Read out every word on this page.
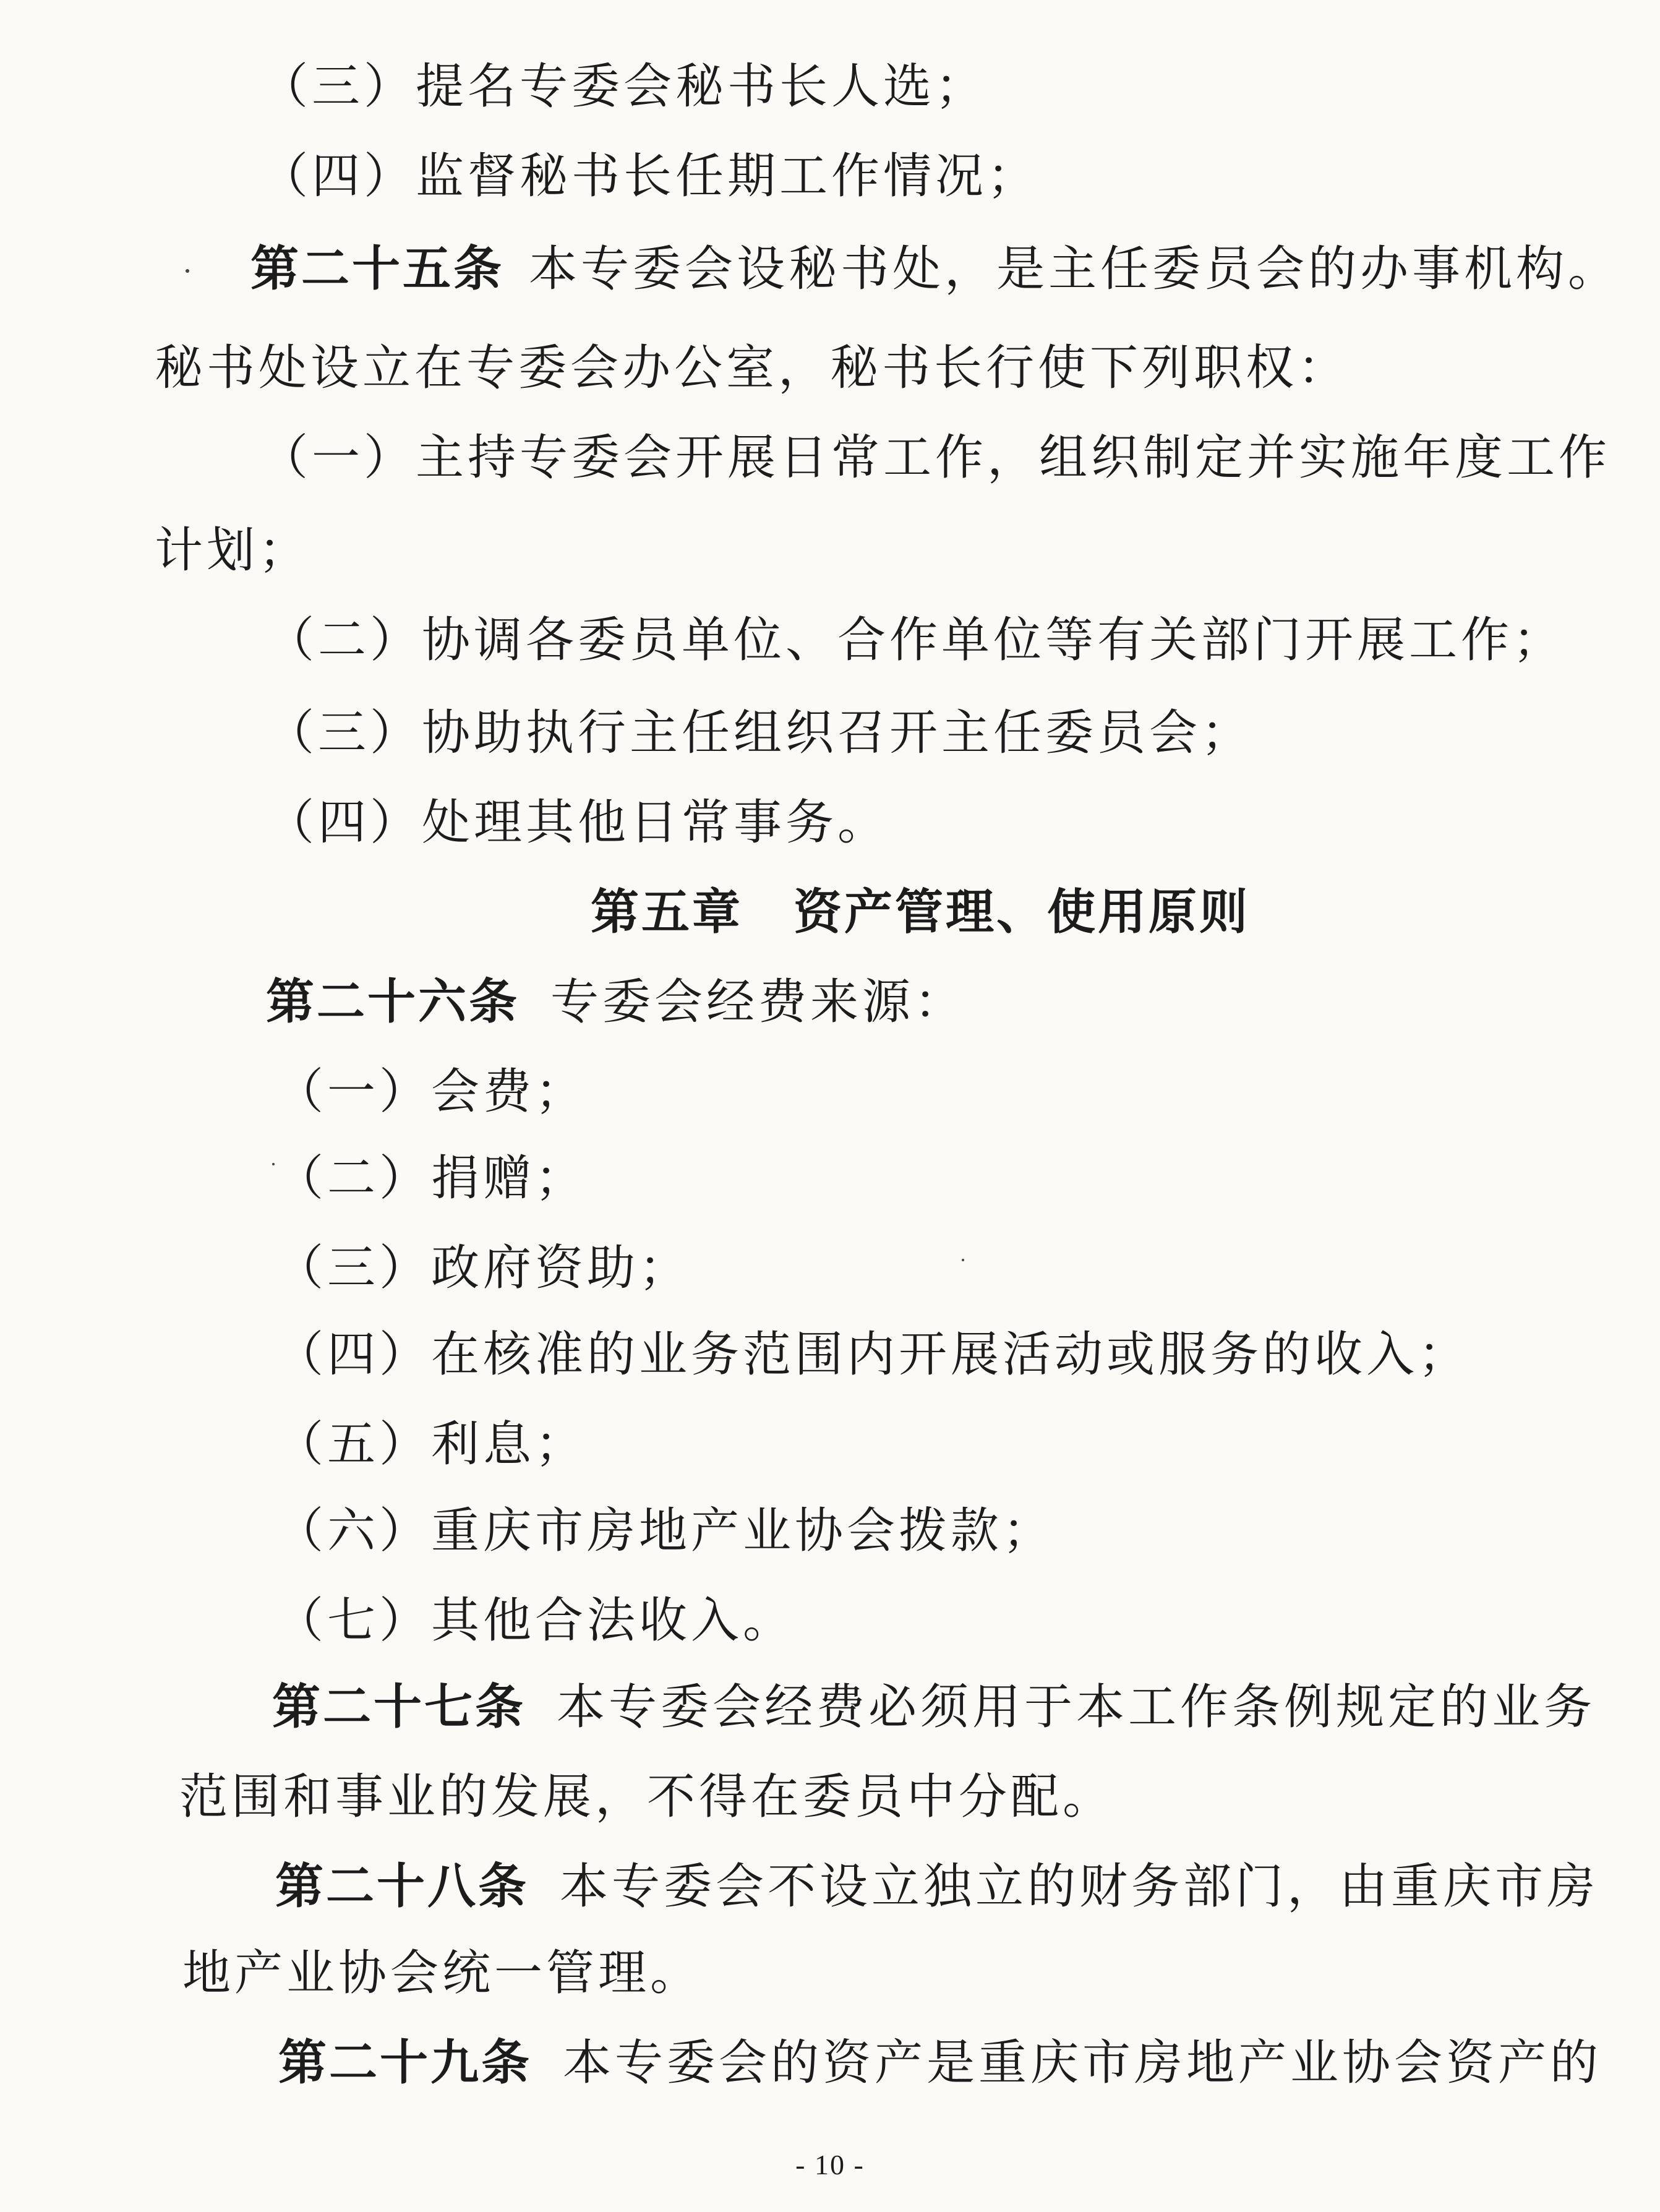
（三）提名专委会秘书长人选；
（四）监督秘书长任期工作情况；
第二十五条 本专委会设秘书处，是主任委员会的办事机构。
秘书处设立在专委会办公室，秘书长行使下列职权：
（一）主持专委会开展日常工作，组织制定并实施年度工作
计划；
（二）协调各委员单位、合作单位等有关部门开展工作；
（三）协助执行主任组织召开主任委员会；
（四）处理其他日常事务。
第五章　资产管理、使用原则
第二十六条 专委会经费来源：
（一）会费；
（二）捐赠；
（三）政府资助；
（四）在核准的业务范围内开展活动或服务的收入；
（五）利息；
（六）重庆市房地产业协会拨款；
（七）其他合法收入。
第二十七条 本专委会经费必须用于本工作条例规定的业务
范围和事业的发展，不得在委员中分配。
第二十八条 本专委会不设立独立的财务部门，由重庆市房
地产业协会统一管理。
第二十九条 本专委会的资产是重庆市房地产业协会资产的
- 10 -
